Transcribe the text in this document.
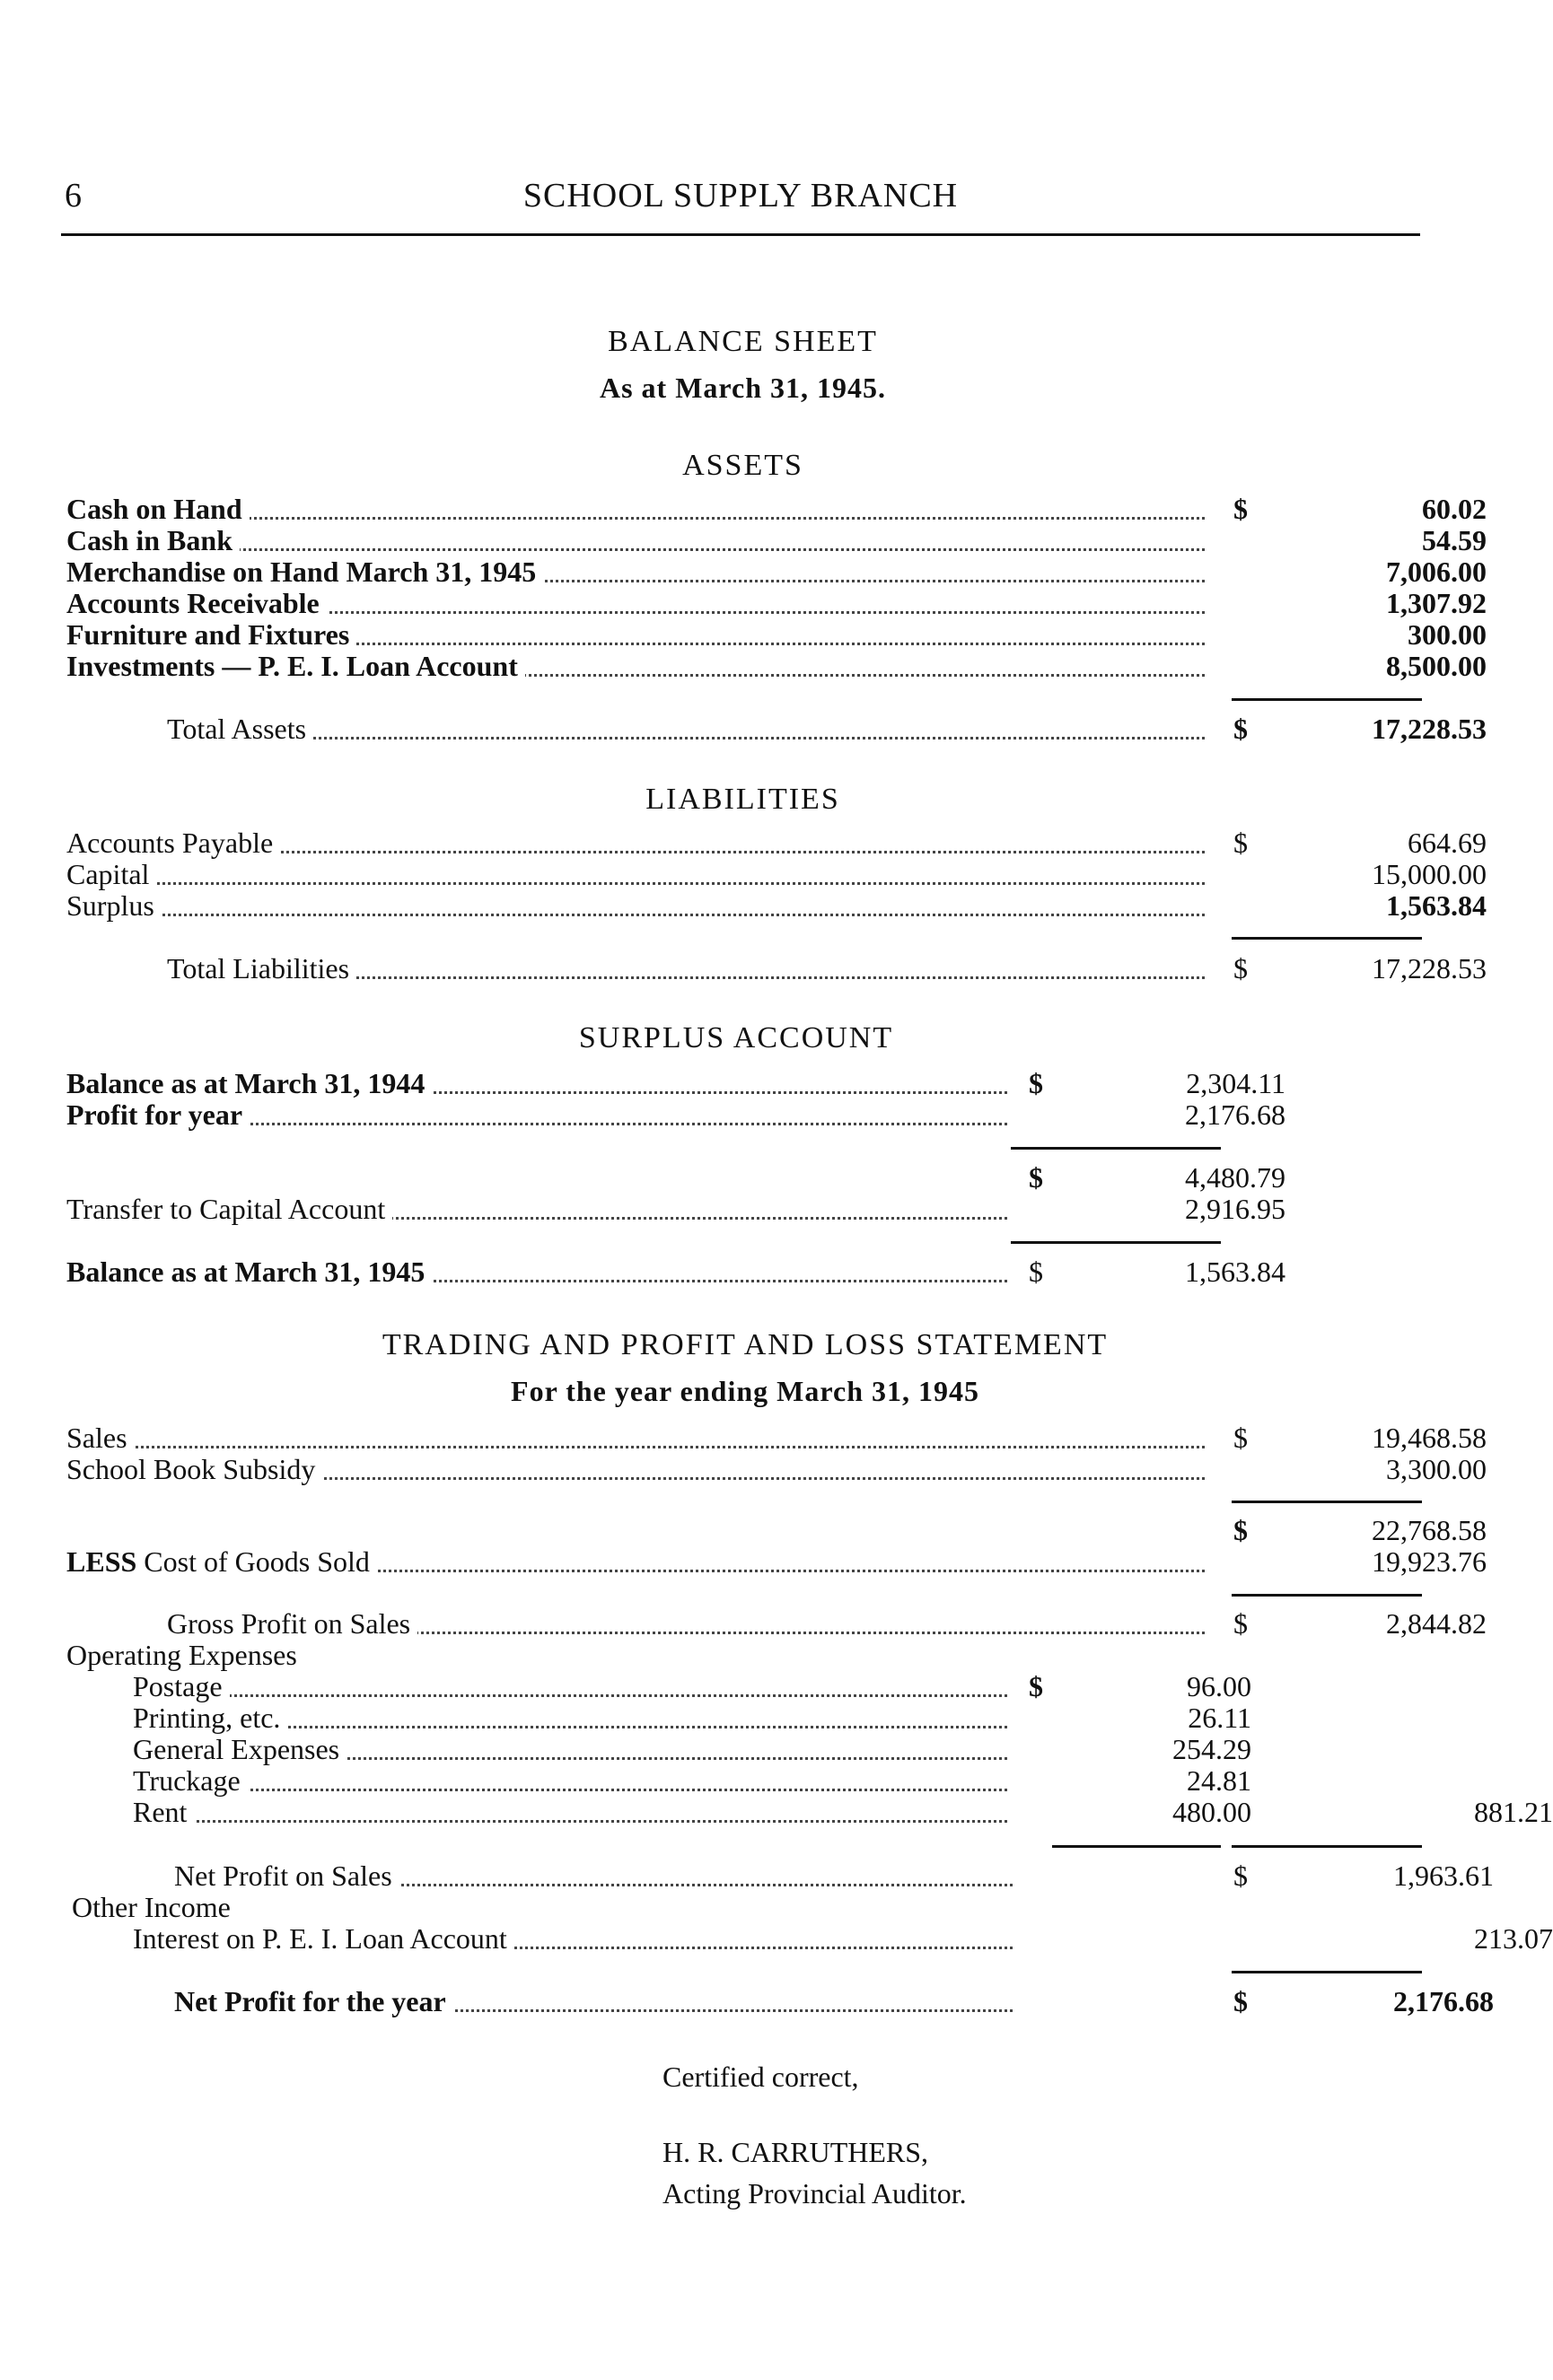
6	SCHOOL SUPPLY BRANCH
BALANCE SHEET
As at March 31, 1945.
ASSETS
Cash on Hand	$	60.02
Cash in Bank	54.59
Merchandise on Hand March 31, 1945	7,006.00
Accounts Receivable	1,307.92
Furniture and Fixtures	300.00
Investments — P. E. I. Loan Account	8,500.00
Total Assets	$	17,228.53
LIABILITIES
Accounts Payable	$	664.69
Capital	15,000.00
Surplus	1,563.84
Total Liabilities	$	17,228.53
SURPLUS ACCOUNT
Balance as at March 31, 1944	$	2,304.11
Profit for year	2,176.68
$	4,480.79
Transfer to Capital Account	2,916.95
Balance as at March 31, 1945	$	1,563.84
TRADING AND PROFIT AND LOSS STATEMENT
For the year ending March 31, 1945
Sales	$	19,468.58
School Book Subsidy	3,300.00
$	22,768.58
LESS Cost of Goods Sold	19,923.76
Gross Profit on Sales	$	2,844.82
Operating Expenses
Postage	$	96.00
Printing, etc.	26.11
General Expenses	254.29
Truckage	24.81
Rent	480.00	881.21
Net Profit on Sales	$	1,963.61
Other Income
Interest on P. E. I. Loan Account	213.07
Net Profit for the year	$	2,176.68
Certified correct,
H. R. CARRUTHERS,
Acting Provincial Auditor.
